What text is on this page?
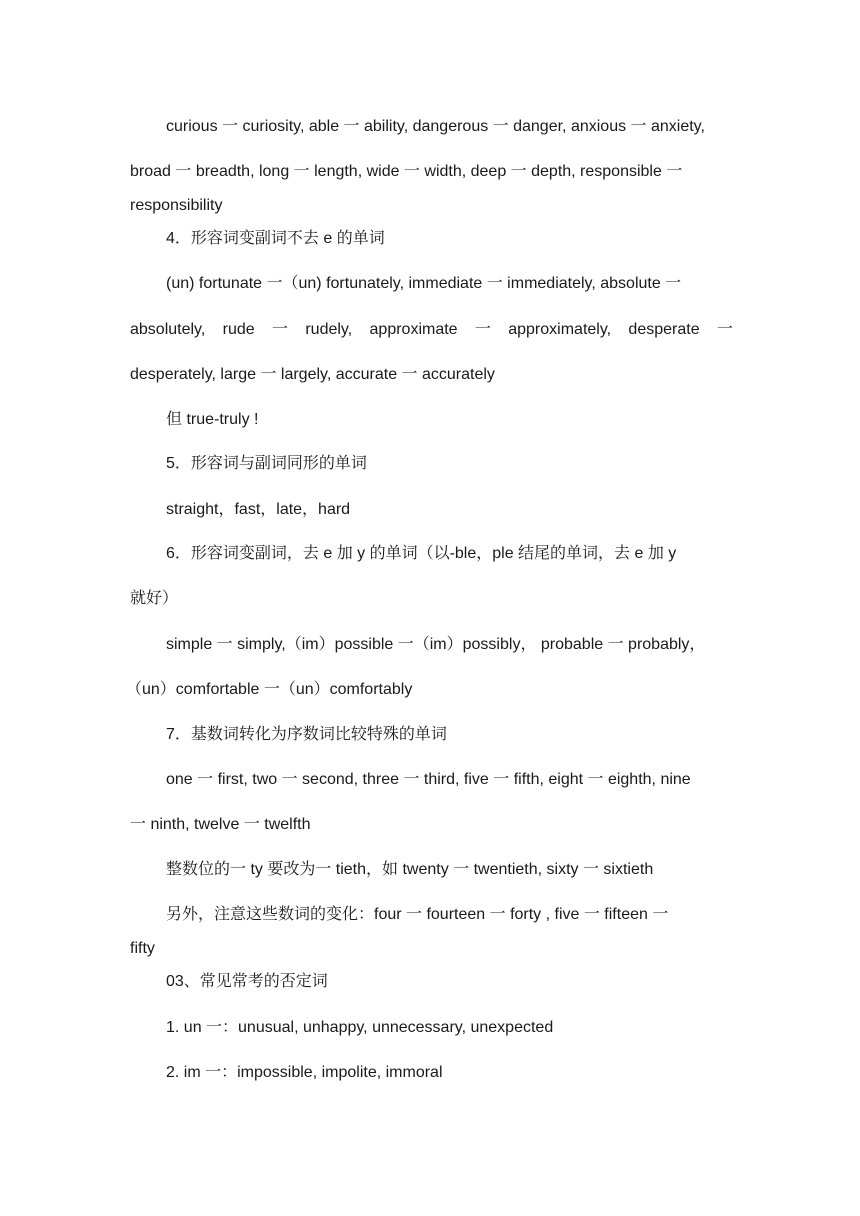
curious 一 curiosity, able 一 ability, dangerous 一 danger, anxious 一 anxiety,
broad 一 breadth, long 一 length, wide 一 width, deep 一 depth, responsible 一
responsibility
4．形容词变副词不去 e 的单词
(un) fortunate 一（un) fortunately, immediate 一 immediately, absolute 一
absolutely, rude 一 rudely, approximate 一 approximately, desperate 一
desperately, large 一 largely, accurate 一 accurately
但 true-truly !
5．形容词与副词同形的单词
straight，fast，late，hard
6．形容词变副词，去 e 加 y 的单词（以-ble，ple 结尾的单词，去 e 加 y
就好）
simple 一 simply,（im）possible 一（im）possibly， probable 一 probably，
（un）comfortable 一（un）comfortably
7．基数词转化为序数词比较特殊的单词
one 一 first, two 一 second, three 一 third, five 一 fifth, eight 一 eighth, nine
一 ninth, twelve 一 twelfth
整数位的一 ty 要改为一 tieth，如 twenty 一 twentieth, sixty 一 sixtieth
另外，注意这些数词的变化：four 一 fourteen 一 forty , five 一 fifteen 一
fifty
03、常见常考的否定词
1. un 一：unusual, unhappy, unnecessary, unexpected
2. im 一：impossible, impolite, immoral
